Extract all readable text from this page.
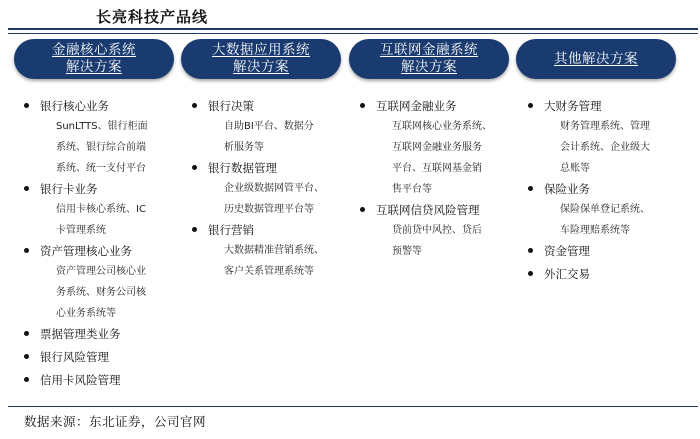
长亮科技产品线
金融核心系统
解决方案
大数据应用系统
解决方案
互联网金融系统
解决方案
其他解决方案
银行核心业务
SunLTTS、银行柜面
系统、银行综合前端
系统、统一支付平台
银行卡业务
信用卡核心系统、IC
卡管理系统
资产管理核心业务
资产管理公司核心业
务系统、财务公司核
心业务系统等
票据管理类业务
银行风险管理
信用卡风险管理
银行决策
自助BI平台、数据分
析服务等
银行数据管理
企业级数据网管平台、
历史数据管理平台等
银行营销
大数据精准营销系统、
客户关系管理系统等
互联网金融业务
互联网核心业务系统、
互联网金融业务服务
平台、互联网基金销
售平台等
互联网信贷风险管理
贷前贷中风控、贷后
预警等
大财务管理
财务管理系统、管理
会计系统、企业级大
总账等
保险业务
保险保单登记系统、
车险理赔系统等
资金管理
外汇交易
数据来源：东北证券，公司官网
